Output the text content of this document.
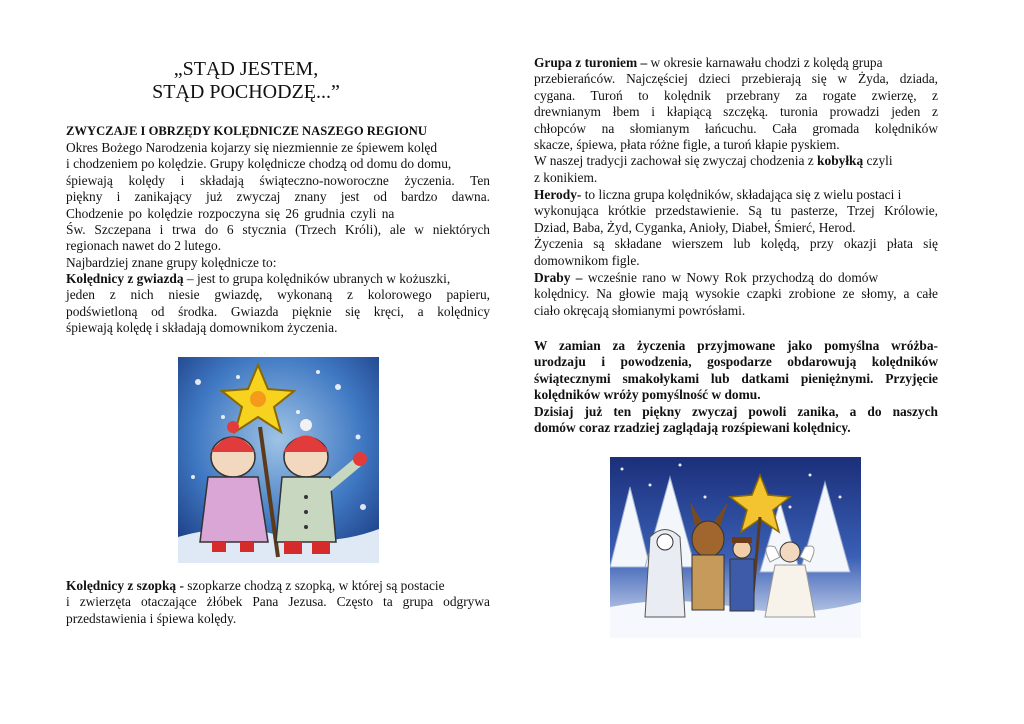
„STĄD JESTEM,
STĄD POCHODZĘ...”
ZWYCZAJE I OBRZĘDY KOLĘDNICZE NASZEGO REGIONU
Okres Bożego Narodzenia kojarzy się niezmiennie ze śpiewem kolęd
i chodzeniem po kolędzie. Grupy kolędnicze chodzą od domu do domu,
śpiewają kolędy i składają świąteczno-noworoczne życzenia. Ten
piękny i zanikający już zwyczaj znany jest od bardzo dawna.
Chodzenie po kolędzie rozpoczyna się 26 grudnia czyli na
Św. Szczepana i trwa do 6 stycznia (Trzech Króli), ale w niektórych
regionach nawet do 2 lutego.
Najbardziej znane grupy kolędnicze to:
Kolędnicy z gwiazdą – jest to grupa kolędników ubranych w kożuszki,
jeden z nich niesie gwiazdę, wykonaną z kolorowego papieru,
podświetloną od środka. Gwiazda pięknie się kręci, a kolędnicy
śpiewają kolędę i składają domownikom życzenia.
Kolędnicy z szopką - szopkarze chodzą z szopką, w której są postacie
i zwierzęta otaczające żłóbek Pana Jezusa. Często ta grupa odgrywa
przedstawienia i śpiewa kolędy.
Grupa z turoniem – w okresie karnawału chodzi z kolędą grupa
przebierańców. Najczęściej dzieci przebierają się w Żyda, dziada,
cygana. Turoń to kolędnik przebrany za rogate zwierzę, z
drewnianym łbem i kłapiącą szczęką. turonia prowadzi jeden z
chłopców na słomianym łańcuchu. Cała gromada kolędników
skacze, śpiewa, płata różne figle, a turoń kłapie pyskiem.
W naszej tradycji zachował się zwyczaj chodzenia z kobyłką czyli
z konikiem.
Herody- to liczna grupa kolędników, składająca się z wielu postaci i
wykonująca krótkie przedstawienie. Są tu pasterze, Trzej Królowie,
Dziad, Baba, Żyd, Cyganka, Anioły, Diabeł, Śmierć, Herod.
Życzenia są składane wierszem lub kolędą, przy okazji płata się
domownikom figle.
Draby – wcześnie rano w Nowy Rok przychodzą do domów
kolędnicy. Na głowie mają wysokie czapki zrobione ze słomy, a całe
ciało okręcają słomianymi powrósłami.
W zamian za życzenia przyjmowane jako pomyślna wróżba-
urodzaju i powodzenia, gospodarze obdarowują kolędników
świątecznymi smakołykami lub datkami pieniężnymi. Przyjęcie
kolędników wróży pomyślność w domu.
Dzisiaj już ten piękny zwyczaj powoli zanika, a do naszych
domów coraz rzadziej zaglądają rozśpiewani kolędnicy.
